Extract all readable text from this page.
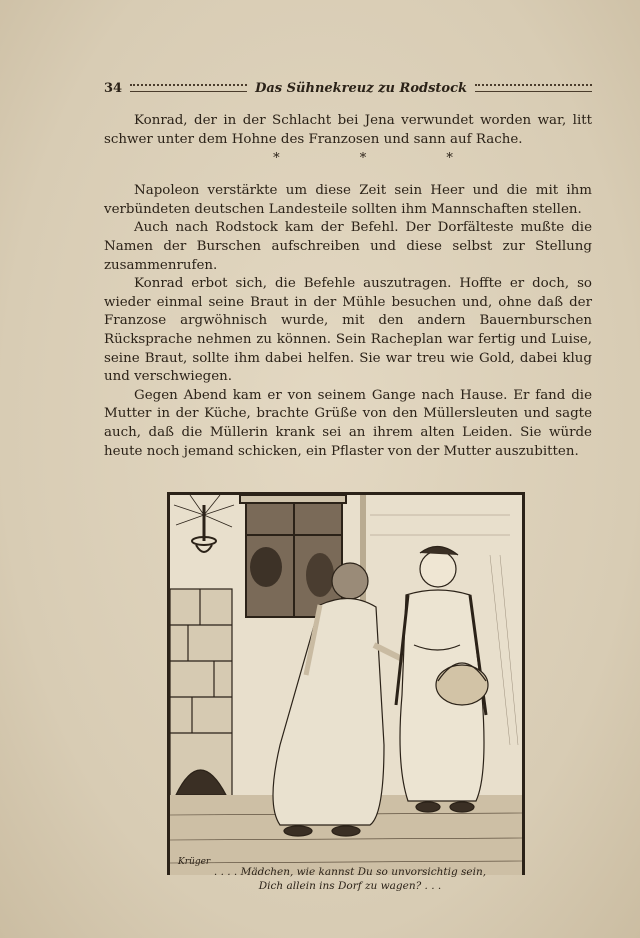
34	Das Sühnekreuz zu Rodstock

Konrad, der in der Schlacht bei Jena verwundet worden war, litt schwer unter dem Hohne des Franzosen und sann auf Rache.

* * *

Napoleon verstärkte um diese Zeit sein Heer und die mit ihm verbündeten deutschen Landesteile sollten ihm Mannschaften stellen.

Auch nach Rodstock kam der Befehl. Der Dorfälteste mußte die Namen der Burschen aufschreiben und diese selbst zur Stellung zusammenrufen.

Konrad erbot sich, die Befehle auszutragen. Hoffte er doch, so wieder einmal seine Braut in der Mühle besuchen und, ohne daß der Franzose argwöhnisch wurde, mit den andern Bauernburschen Rücksprache nehmen zu können. Sein Racheplan war fertig und Luise, seine Braut, sollte ihm dabei helfen. Sie war treu wie Gold, dabei klug und verschwiegen.

Gegen Abend kam er von seinem Gange nach Hause. Er fand die Mutter in der Küche, brachte Grüße von den Müllersleuten und sagte auch, daß die Müllerin krank sei an ihrem alten Leiden. Sie würde heute noch jemand schicken, ein Pflaster von der Mutter auszubitten.

Krüger
. . . . Mädchen, wie kannst Du so unvorsichtig sein,
Dich allein ins Dorf zu wagen? . . .
